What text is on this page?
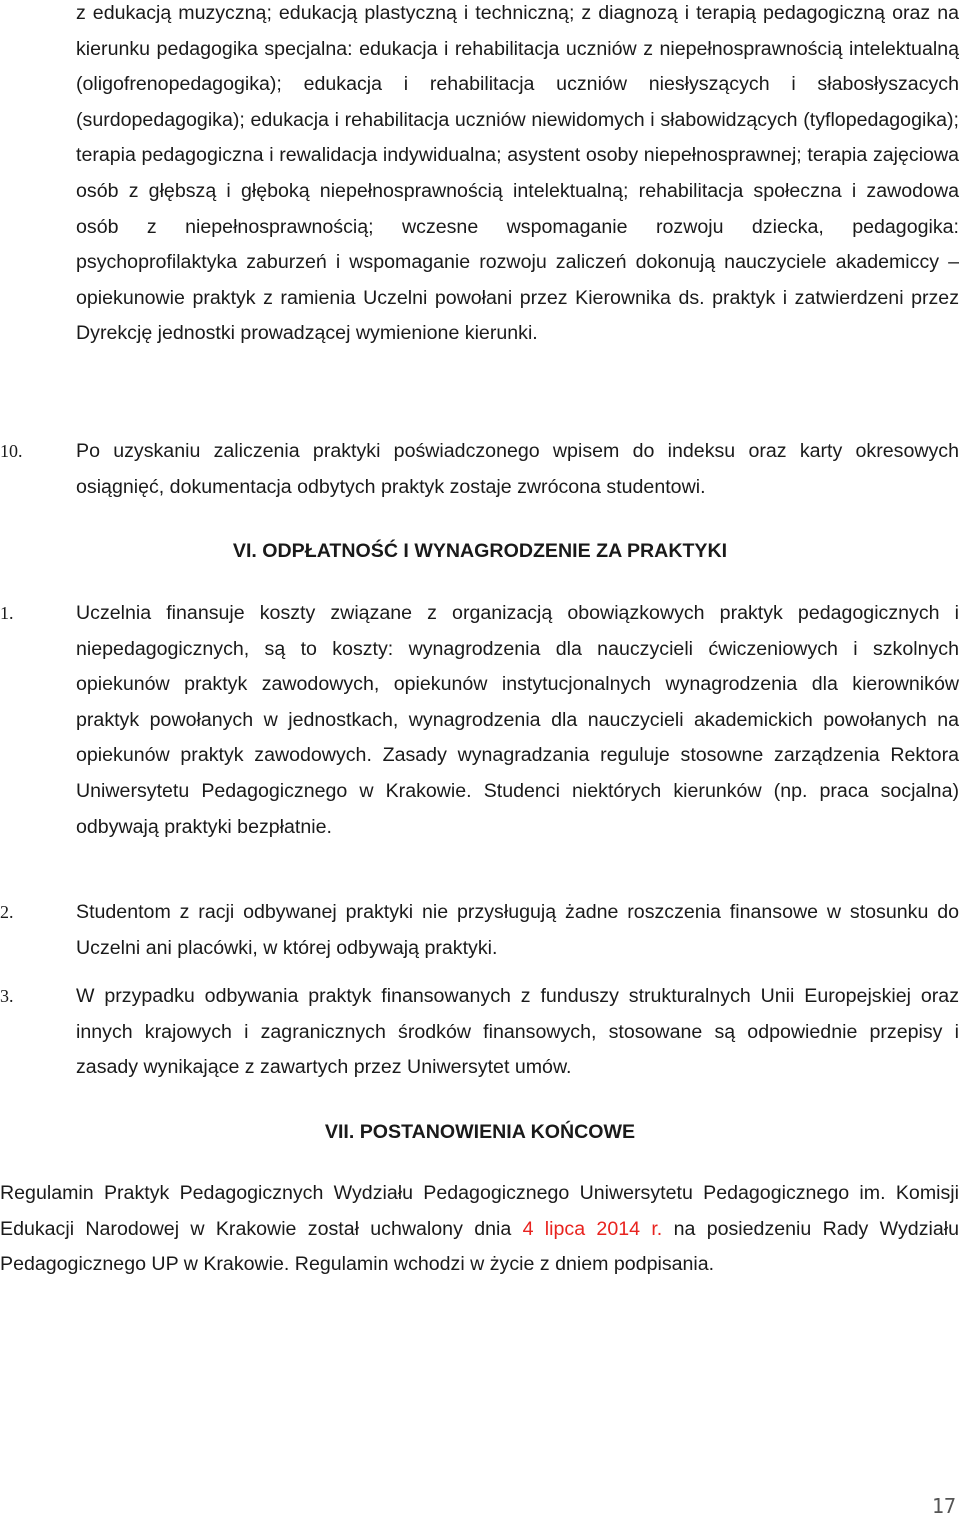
z edukacją muzyczną; edukacją plastyczną i techniczną; z diagnozą i terapią pedagogiczną oraz na kierunku pedagogika specjalna: edukacja i rehabilitacja uczniów z niepełnosprawnością intelektualną (oligofrenopedagogika); edukacja i rehabilitacja uczniów niesłyszących i słabosłyszacych (surdopedagogika); edukacja i rehabilitacja uczniów niewidomych i słabowidzących (tyflopedagogika); terapia pedagogiczna i rewalidacja indywidualna; asystent osoby niepełnosprawnej; terapia zajęciowa osób z głębszą i głęboką niepełnosprawnością intelektualną; rehabilitacja społeczna i zawodowa osób z niepełnosprawnością; wczesne wspomaganie rozwoju dziecka, pedagogika: psychoprofilaktyka zaburzeń i wspomaganie rozwoju zaliczeń dokonują nauczyciele akademiccy – opiekunowie praktyk z ramienia Uczelni powołani przez Kierownika ds. praktyk i zatwierdzeni przez Dyrekcję jednostki prowadzącej wymienione kierunki.
10.	Po uzyskaniu zaliczenia praktyki poświadczonego wpisem do indeksu oraz karty okresowych osiągnięć, dokumentacja odbytych praktyk zostaje zwrócona studentowi.
VI. ODPŁATNOŚĆ I WYNAGRODZENIE ZA PRAKTYKI
1.	Uczelnia finansuje koszty związane z organizacją obowiązkowych praktyk pedagogicznych i niepedagogicznych, są to koszty: wynagrodzenia dla nauczycieli ćwiczeniowych i szkolnych opiekunów praktyk zawodowych, opiekunów instytucjonalnych wynagrodzenia dla kierowników praktyk powołanych w jednostkach, wynagrodzenia dla nauczycieli akademickich powołanych na opiekunów praktyk zawodowych. Zasady wynagradzania reguluje stosowne zarządzenia Rektora Uniwersytetu Pedagogicznego w Krakowie. Studenci niektórych kierunków (np. praca socjalna) odbywają praktyki bezpłatnie.
2.	Studentom z racji odbywanej praktyki nie przysługują żadne roszczenia finansowe w stosunku do Uczelni ani placówki, w której odbywają praktyki.
3.	W przypadku odbywania praktyk finansowanych z funduszy strukturalnych Unii Europejskiej oraz innych krajowych i zagranicznych środków finansowych, stosowane są odpowiednie przepisy i zasady wynikające z zawartych przez Uniwersytet umów.
VII. POSTANOWIENIA KOŃCOWE
Regulamin Praktyk Pedagogicznych Wydziału Pedagogicznego Uniwersytetu Pedagogicznego im. Komisji Edukacji Narodowej w Krakowie został uchwalony dnia 4 lipca 2014 r. na posiedzeniu Rady Wydziału Pedagogicznego UP w Krakowie. Regulamin wchodzi w życie z dniem podpisania.
17
